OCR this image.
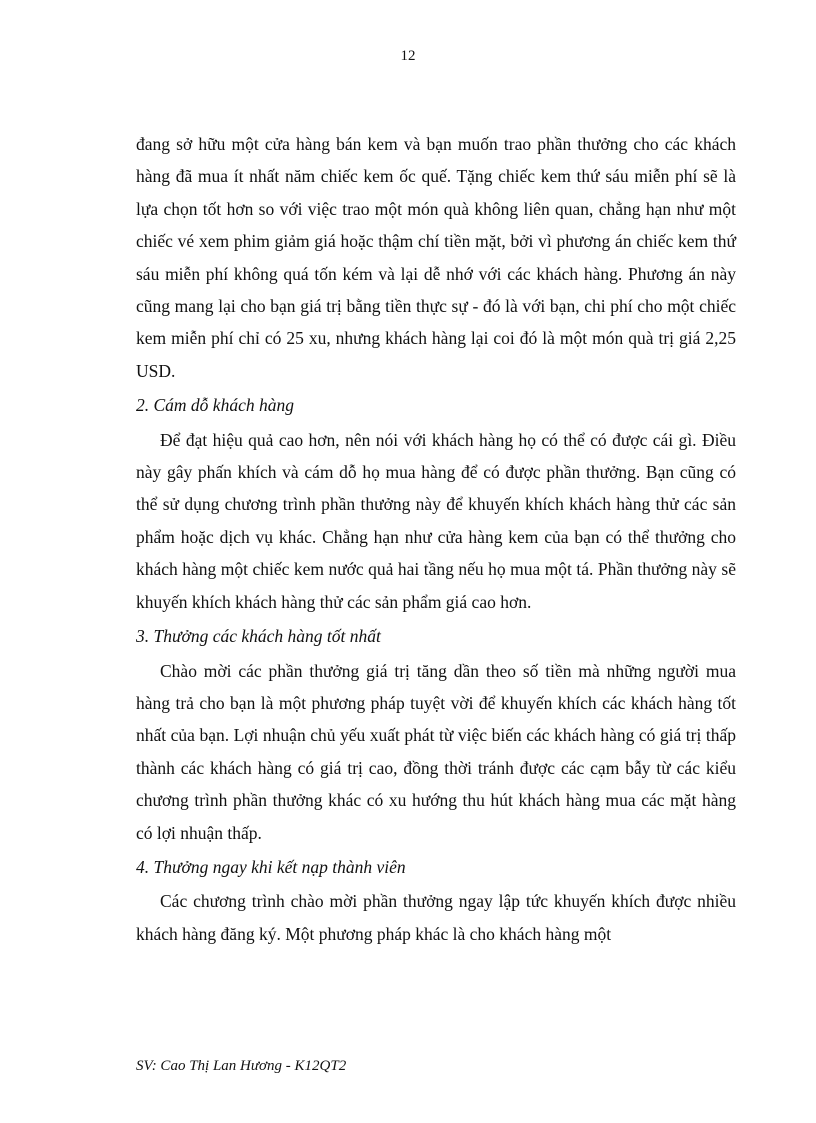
12

đang sở hữu một cửa hàng bán kem và bạn muốn trao phần thưởng cho các khách hàng đã mua ít nhất năm chiếc kem ốc quế. Tặng chiếc kem thứ sáu miễn phí sẽ là lựa chọn tốt hơn so với việc trao một món quà không liên quan, chẳng hạn như một chiếc vé xem phim giảm giá hoặc thậm chí tiền mặt, bởi vì phương án chiếc kem thứ sáu miễn phí không quá tốn kém và lại dễ nhớ với các khách hàng. Phương án này cũng mang lại cho bạn giá trị bằng tiền thực sự - đó là với bạn, chi phí cho một chiếc kem miễn phí chỉ có 25 xu, nhưng khách hàng lại coi đó là một món quà trị giá 2,25 USD.

2. Cám dỗ khách hàng

Để đạt hiệu quả cao hơn, nên nói với khách hàng họ có thể có được cái gì. Điều này gây phấn khích và cám dỗ họ mua hàng để có được phần thưởng. Bạn cũng có thể sử dụng chương trình phần thưởng này để khuyến khích khách hàng thử các sản phẩm hoặc dịch vụ khác. Chẳng hạn như cửa hàng kem của bạn có thể thưởng cho khách hàng một chiếc kem nước quả hai tầng nếu họ mua một tá. Phần thưởng này sẽ khuyến khích khách hàng thử các sản phẩm giá cao hơn.

3. Thưởng các khách hàng tốt nhất

Chào mời các phần thưởng giá trị tăng dần theo số tiền mà những người mua hàng trả cho bạn là một phương pháp tuyệt vời để khuyến khích các khách hàng tốt nhất của bạn. Lợi nhuận chủ yếu xuất phát từ việc biến các khách hàng có giá trị thấp thành các khách hàng có giá trị cao, đồng thời tránh được các cạm bẫy từ các kiểu chương trình phần thưởng khác có xu hướng thu hút khách hàng mua các mặt hàng có lợi nhuận thấp.

4. Thưởng ngay khi kết nạp thành viên

Các chương trình chào mời phần thưởng ngay lập tức khuyến khích được nhiều khách hàng đăng ký. Một phương pháp khác là cho khách hàng một

SV: Cao Thị Lan Hương - K12QT2
